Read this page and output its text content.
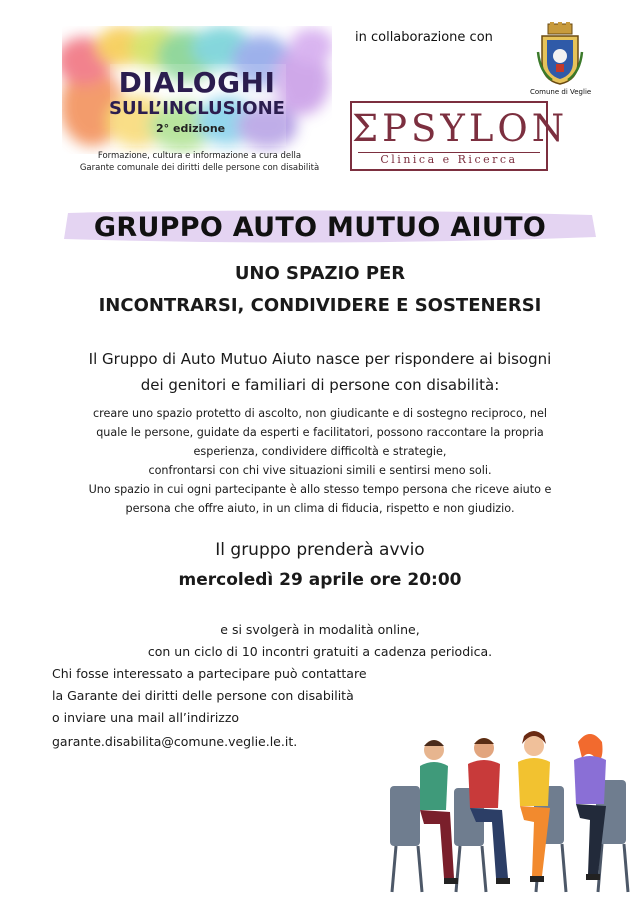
DIALOGHI
SULL’INCLUSIONE
2° edizione
Formazione, cultura e informazione a cura della
Garante comunale dei diritti delle persone con disabilità
in collaborazione con
Comune di Veglie
ΣPSYLON
Clinica e Ricerca
GRUPPO AUTO MUTUO AIUTO
UNO SPAZIO PER
INCONTRARSI, CONDIVIDERE E SOSTENERSI
Il Gruppo di Auto Mutuo Aiuto nasce per rispondere ai bisogni
dei genitori e familiari di persone con disabilità:
creare uno spazio protetto di ascolto, non giudicante e di sostegno reciproco, nel
quale le persone, guidate da esperti e facilitatori, possono raccontare la propria
esperienza, condividere difficoltà e strategie,
confrontarsi con chi vive situazioni simili e sentirsi meno soli.
Uno spazio in cui ogni partecipante è allo stesso tempo persona che riceve aiuto e
persona che offre aiuto, in un clima di fiducia, rispetto e non giudizio.
Il gruppo prenderà avvio
mercoledì 29 aprile ore 20:00
e si svolgerà in modalità online,
con un ciclo di 10 incontri gratuiti a cadenza periodica.
Chi fosse interessato a partecipare può contattare
la Garante dei diritti delle persone con disabilità
o inviare una mail all’indirizzo
garante.disabilita@comune.veglie.le.it.
